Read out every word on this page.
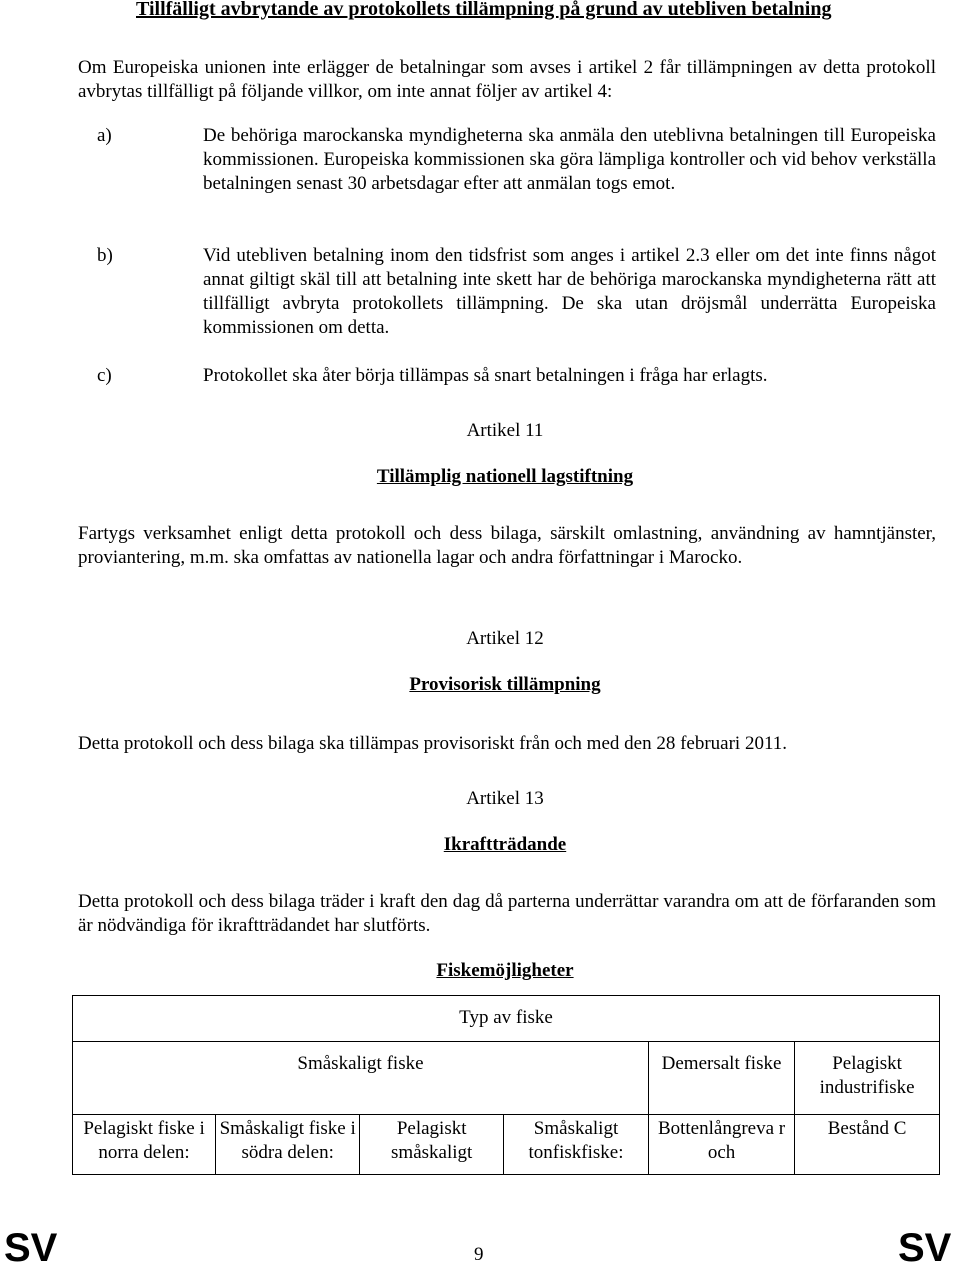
Tillfälligt avbrytande av protokollets tillämpning på grund av utebliven betalning

Om Europeiska unionen inte erlägger de betalningar som avses i artikel 2 får tillämpningen av detta protokoll avbrytas tillfälligt på följande villkor, om inte annat följer av artikel 4:

a)	De behöriga marockanska myndigheterna ska anmäla den uteblivna betalningen till Europeiska kommissionen. Europeiska kommissionen ska göra lämpliga kontroller och vid behov verkställa betalningen senast 30 arbetsdagar efter att anmälan togs emot.
b)	Vid utebliven betalning inom den tidsfrist som anges i artikel 2.3 eller om det inte finns något annat giltigt skäl till att betalning inte skett har de behöriga marockanska myndigheterna rätt att tillfälligt avbryta protokollets tillämpning. De ska utan dröjsmål underrätta Europeiska kommissionen om detta.
c)	Protokollet ska åter börja tillämpas så snart betalningen i fråga har erlagts.
Artikel 11
Tillämplig nationell lagstiftning

Fartygs verksamhet enligt detta protokoll och dess bilaga, särskilt omlastning, användning av hamntjänster, proviantering, m.m. ska omfattas av nationella lagar och andra författningar i Marocko.

Artikel 12
Provisorisk tillämpning

Detta protokoll och dess bilaga ska tillämpas provisoriskt från och med den 28 februari 2011.

Artikel 13
Ikraftträdande

Detta protokoll och dess bilaga träder i kraft den dag då parterna underrättar varandra om att de förfaranden som är nödvändiga för ikraftträdandet har slutförts.

Fiskemöjligheter
Typ av fiske					
Småskaligt fiske				Demersalt fiske	Pelagiskt industrifiske
Pelagiskt fiske i norra delen:	Småskaligt fiske i södra delen:	Pelagiskt småskaligt	Småskaligt tonfiskfiske:	Bottenlångreva r och	Bestånd C
SV	9	SV
